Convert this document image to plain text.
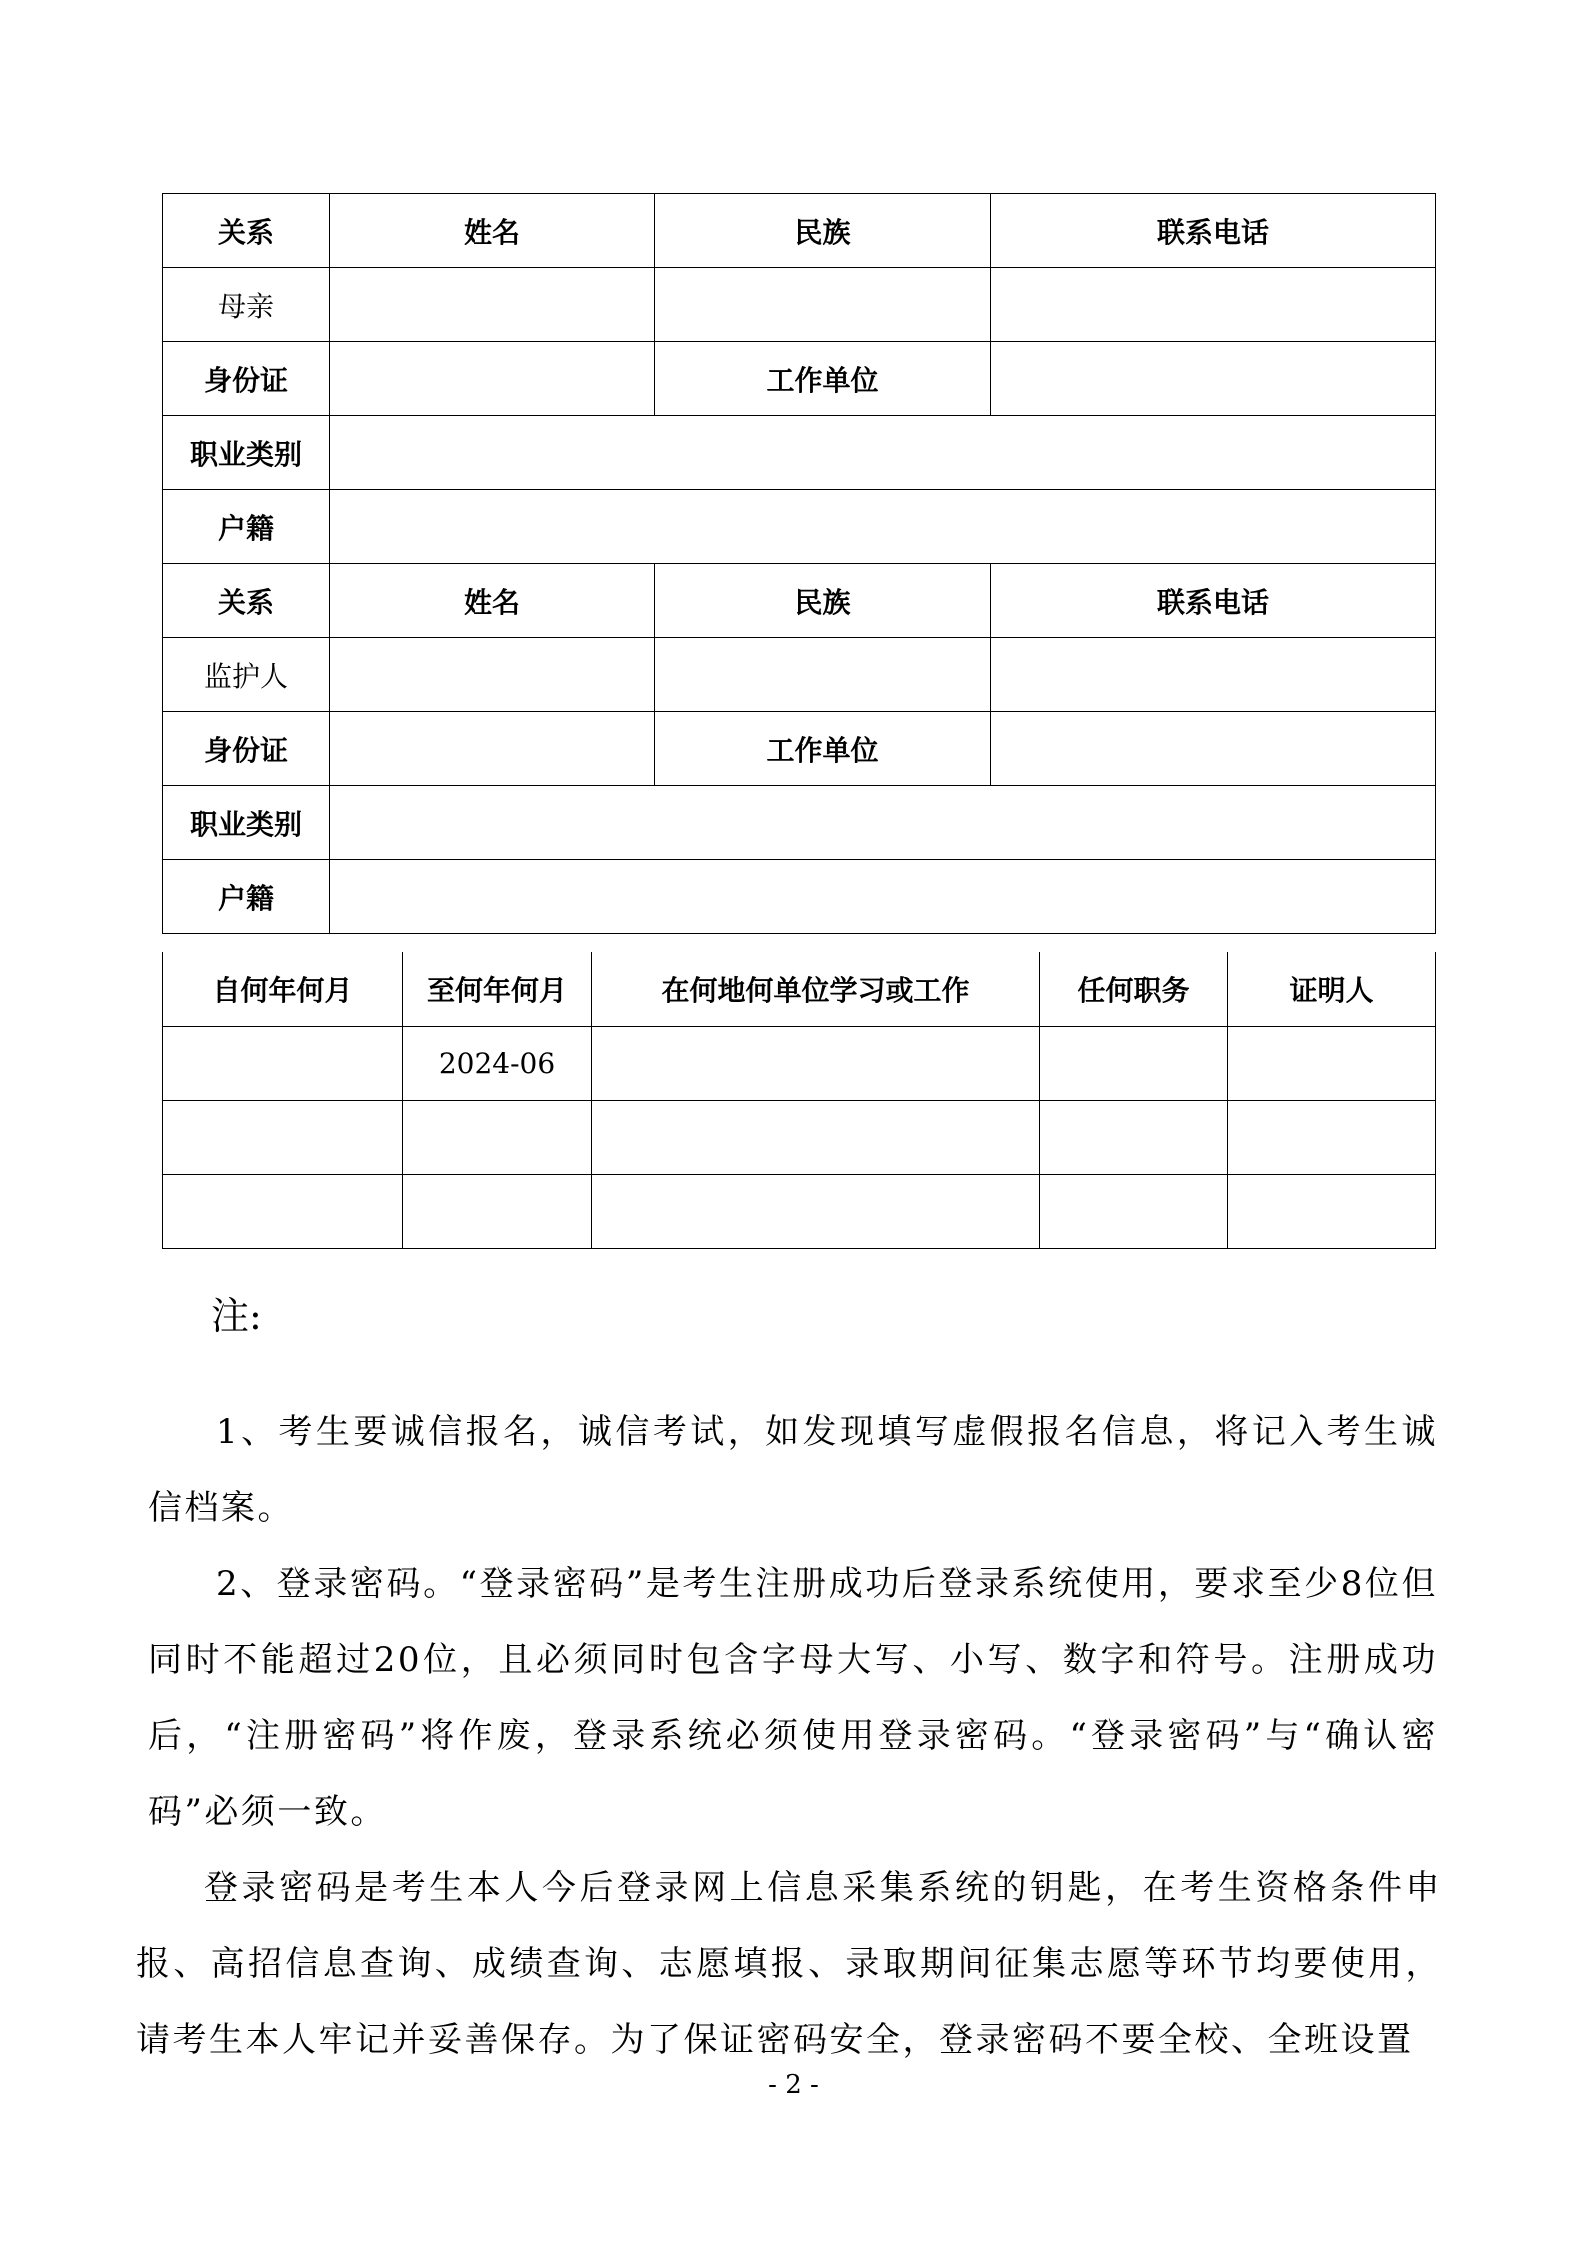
关系	姓名	民族	联系电话
母亲			
身份证		工作单位	
职业类别			
户籍			
关系	姓名	民族	联系电话
监护人			
身份证		工作单位	
职业类别			
户籍			
自何年何月	至何年何月	在何地何单位学习或工作	任何职务	证明人
	2024-06			

注:

1、考生要诚信报名，诚信考试，如发现填写虚假报名信息，将记入考生诚信档案。

2、登录密码。“登录密码”是考生注册成功后登录系统使用，要求至少8位但同时不能超过20位，且必须同时包含字母大写、小写、数字和符号。注册成功后，“注册密码”将作废，登录系统必须使用登录密码。“登录密码”与“确认密码”必须一致。

登录密码是考生本人今后登录网上信息采集系统的钥匙，在考生资格条件申报、高招信息查询、成绩查询、志愿填报、录取期间征集志愿等环节均要使用，请考生本人牢记并妥善保存。为了保证密码安全，登录密码不要全校、全班设置

- 2 -
